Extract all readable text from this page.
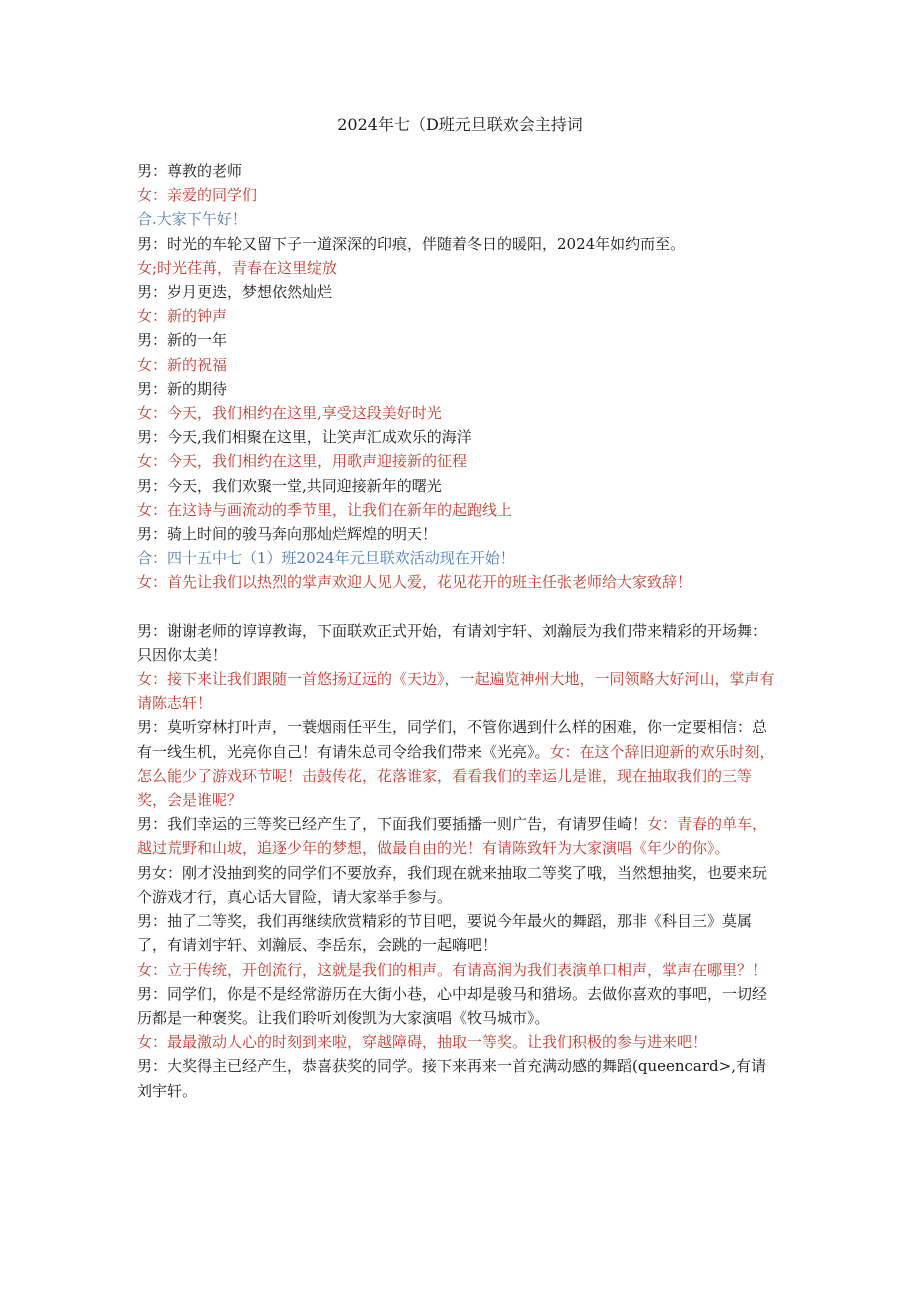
2024年七（D班元旦联欢会主持词

男：尊教的老师

女：亲爱的同学们

合.大家下午好！

男：时光的车轮又留下子一道深深的印痕，伴随着冬日的暖阳，2024年如约而至。

女;时光荏苒，青春在这里绽放

男：岁月更迭，梦想依然灿烂

女：新的钟声

男：新的一年

女：新的祝福

男：新的期待

女：今天，我们相约在这里,享受这段美好时光

男：今天,我们相聚在这里，让笑声汇成欢乐的海洋

女：今天，我们相约在这里，用歌声迎接新的征程

男：今天，我们欢聚一堂,共同迎接新年的曙光

女：在这诗与画流动的季节里，让我们在新年的起跑线上

男：骑上时间的骏马奔向那灿烂辉煌的明天！

合：四十五中七（1）班2024年元旦联欢活动现在开始！

女：首先让我们以热烈的掌声欢迎人见人爱，花见花开的班主任张老师给大家致辞！

男：谢谢老师的谆谆教诲，下面联欢正式开始，有请刘宇轩、刘瀚辰为我们带来精彩的开场舞：只因你太美！

女：接下来让我们跟随一首悠扬辽远的《天边》，一起遍览神州大地，一同领略大好河山，掌声有请陈志轩！

男：莫听穿林打叶声，一蓑烟雨任平生，同学们，不管你遇到什么样的困难，你一定要相信：总有一线生机，光亮你自己！有请朱总司令给我们带来《光亮》。女：在这个辞旧迎新的欢乐时刻，怎么能少了游戏环节呢！击鼓传花，花落谁家，看看我们的幸运儿是谁，现在抽取我们的三等奖，会是谁呢？

男：我们幸运的三等奖已经产生了，下面我们要插播一则广告，有请罗佳崎！女：青春的单车，越过荒野和山坡，追逐少年的梦想，做最自由的光！有请陈致轩为大家演唱《年少的你》。

男女：刚才没抽到奖的同学们不要放弃，我们现在就来抽取二等奖了哦，当然想抽奖，也要来玩个游戏才行，真心话大冒险，请大家举手参与。

男：抽了二等奖，我们再继续欣赏精彩的节目吧，要说今年最火的舞蹈，那非《科目三》莫属了，有请刘宇轩、刘瀚辰、李岳东，会跳的一起嗨吧！

女：立于传统，开创流行，这就是我们的相声。有请高润为我们表演单口相声，掌声在哪里？！

男：同学们，你是不是经常游历在大街小巷，心中却是骏马和猎场。去做你喜欢的事吧，一切经历都是一种褒奖。让我们聆听刘俊凯为大家演唱《牧马城市》。

女：最最激动人心的时刻到来啦，穿越障碍，抽取一等奖。让我们积极的参与进来吧！

男：大奖得主已经产生，恭喜获奖的同学。接下来再来一首充满动感的舞蹈(queencard>,有请刘宇轩。
